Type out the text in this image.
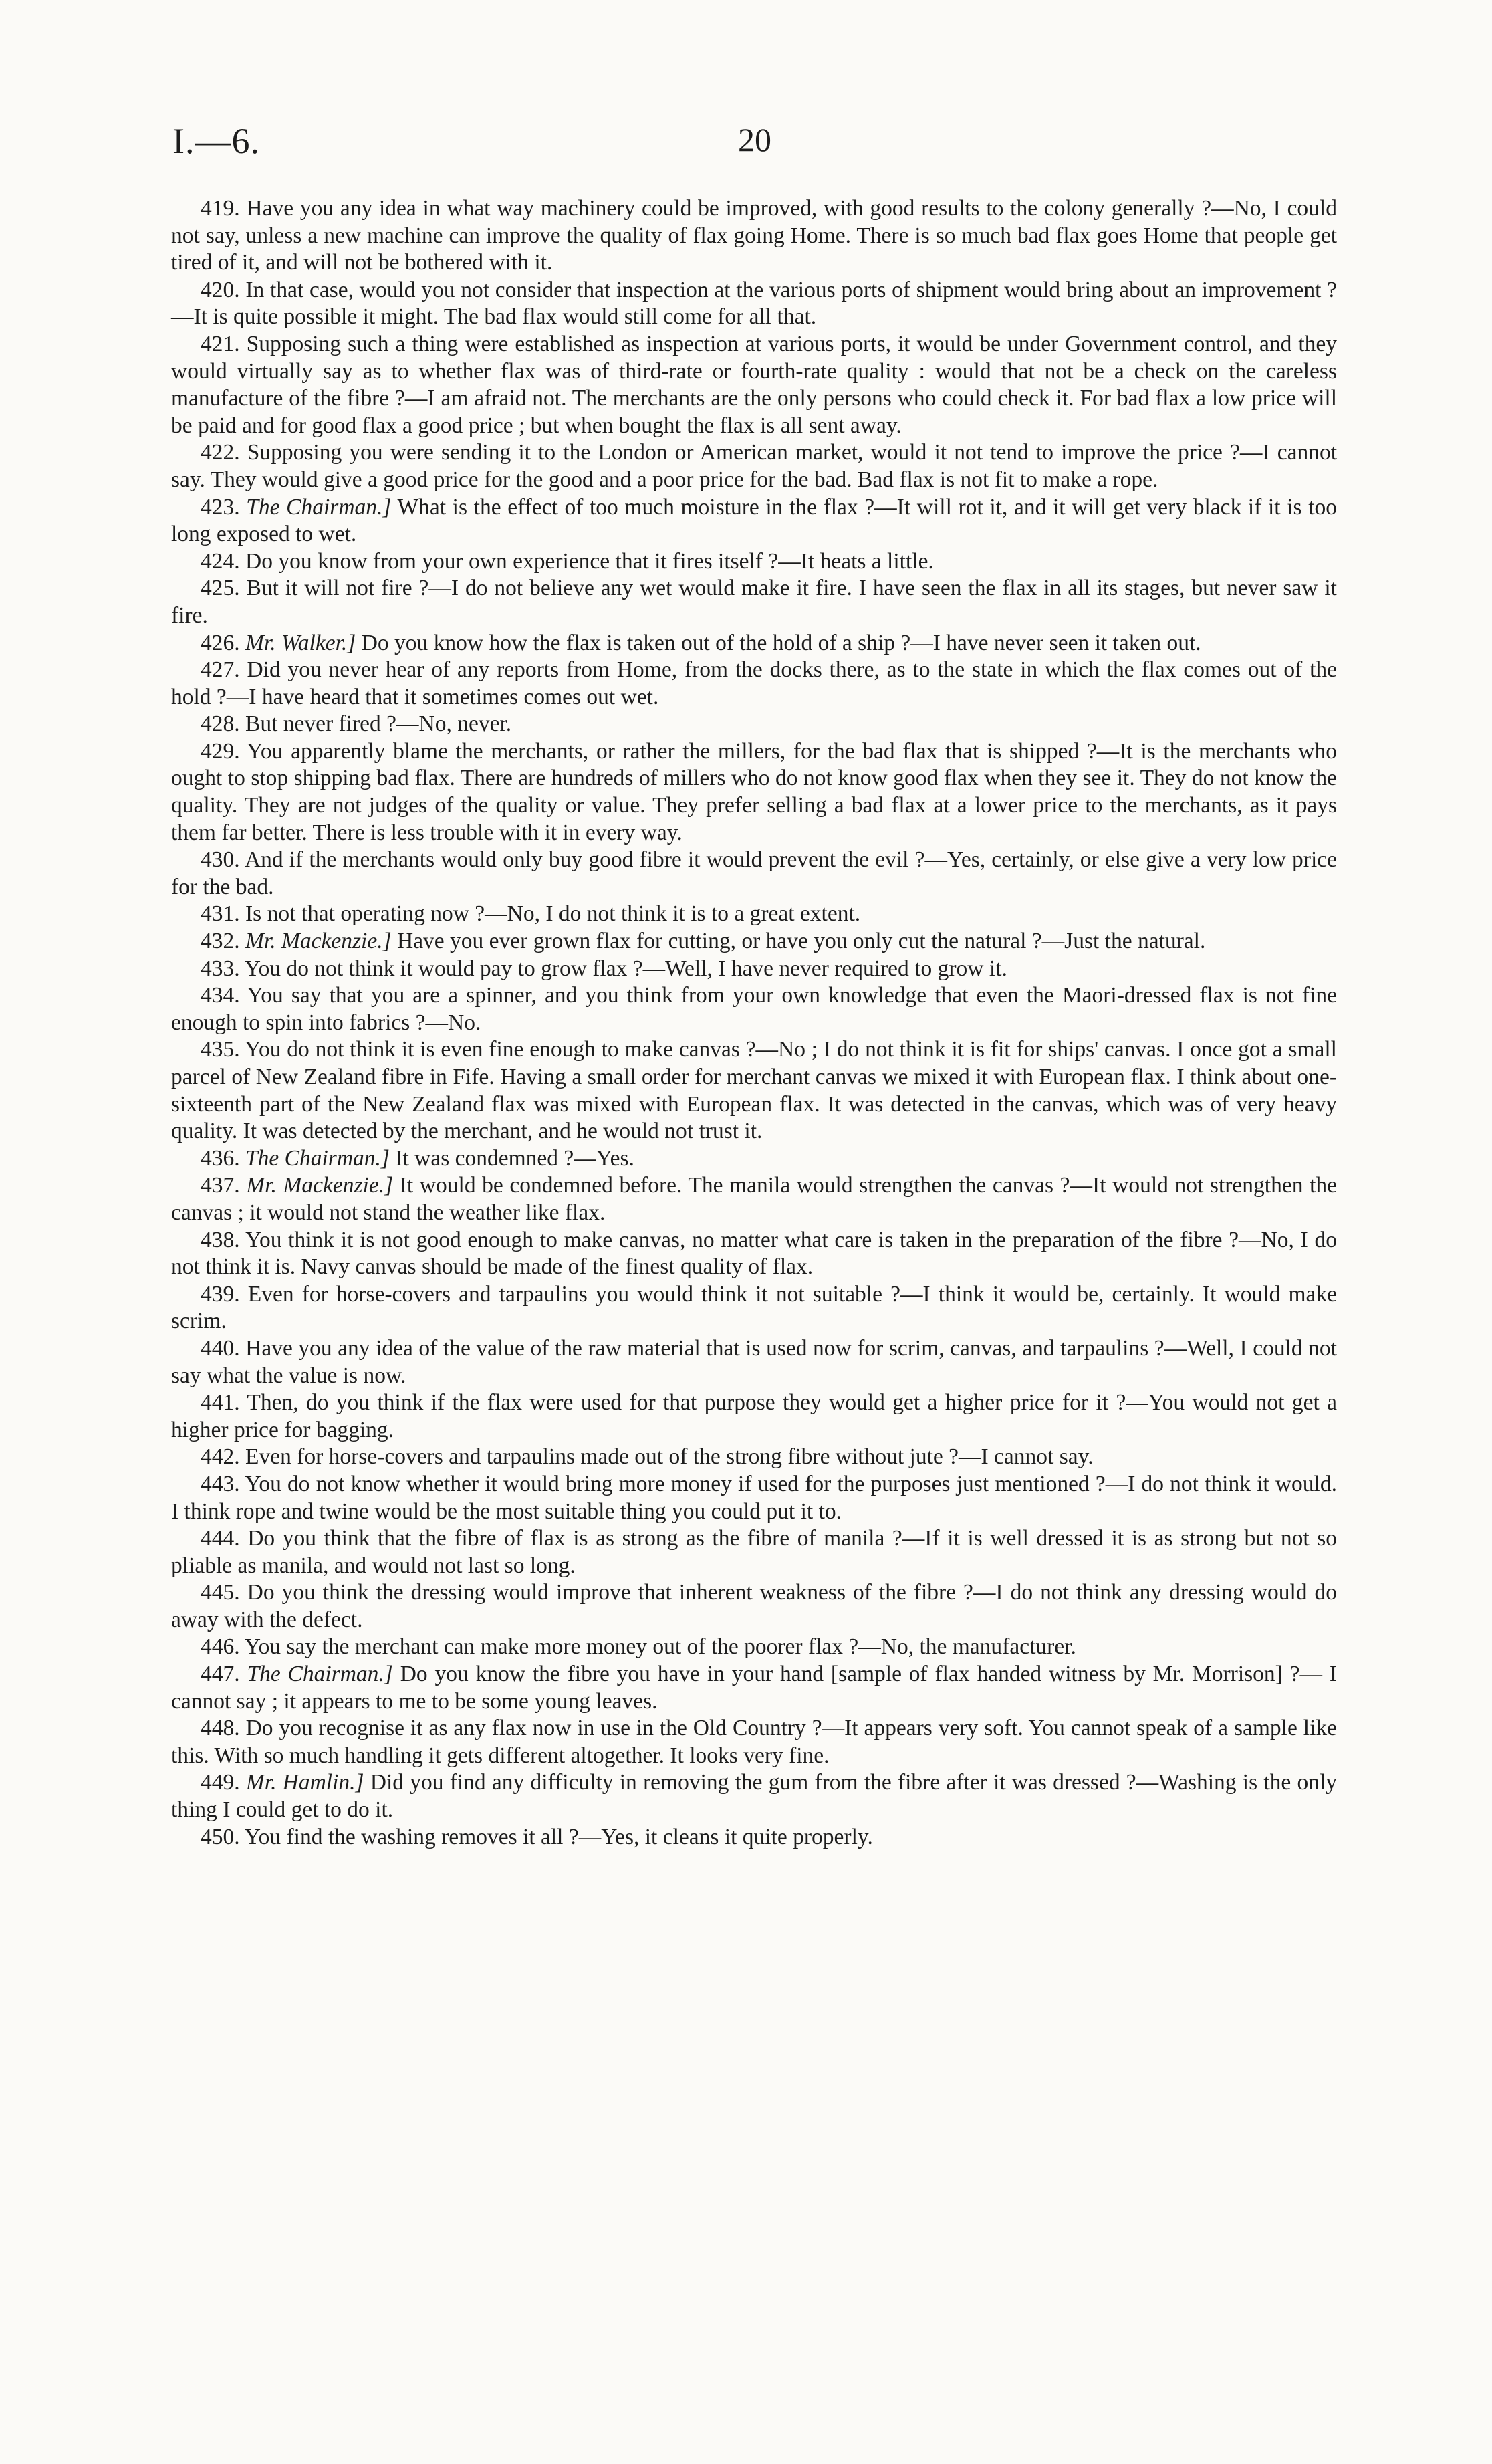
I.—6.	20

419. Have you any idea in what way machinery could be improved, with good results to the colony generally ?—No, I could not say, unless a new machine can improve the quality of flax going Home. There is so much bad flax goes Home that people get tired of it, and will not be bothered with it.

420. In that case, would you not consider that inspection at the various ports of shipment would bring about an improvement ?—It is quite possible it might. The bad flax would still come for all that.

421. Supposing such a thing were established as inspection at various ports, it would be under Government control, and they would virtually say as to whether flax was of third-rate or fourth-rate quality : would that not be a check on the careless manufacture of the fibre ?—I am afraid not. The merchants are the only persons who could check it. For bad flax a low price will be paid and for good flax a good price ; but when bought the flax is all sent away.

422. Supposing you were sending it to the London or American market, would it not tend to improve the price ?—I cannot say. They would give a good price for the good and a poor price for the bad. Bad flax is not fit to make a rope.

423. The Chairman.] What is the effect of too much moisture in the flax ?—It will rot it, and it will get very black if it is too long exposed to wet.

424. Do you know from your own experience that it fires itself ?—It heats a little.

425. But it will not fire ?—I do not believe any wet would make it fire. I have seen the flax in all its stages, but never saw it fire.

426. Mr. Walker.] Do you know how the flax is taken out of the hold of a ship ?—I have never seen it taken out.

427. Did you never hear of any reports from Home, from the docks there, as to the state in which the flax comes out of the hold ?—I have heard that it sometimes comes out wet.

428. But never fired ?—No, never.

429. You apparently blame the merchants, or rather the millers, for the bad flax that is shipped ?—It is the merchants who ought to stop shipping bad flax. There are hundreds of millers who do not know good flax when they see it. They do not know the quality. They are not judges of the quality or value. They prefer selling a bad flax at a lower price to the merchants, as it pays them far better. There is less trouble with it in every way.

430. And if the merchants would only buy good fibre it would prevent the evil ?—Yes, certainly, or else give a very low price for the bad.

431. Is not that operating now ?—No, I do not think it is to a great extent.

432. Mr. Mackenzie.] Have you ever grown flax for cutting, or have you only cut the natural ?—Just the natural.

433. You do not think it would pay to grow flax ?—Well, I have never required to grow it.

434. You say that you are a spinner, and you think from your own knowledge that even the Maori-dressed flax is not fine enough to spin into fabrics ?—No.

435. You do not think it is even fine enough to make canvas ?—No ; I do not think it is fit for ships' canvas. I once got a small parcel of New Zealand fibre in Fife. Having a small order for merchant canvas we mixed it with European flax. I think about one-sixteenth part of the New Zealand flax was mixed with European flax. It was detected in the canvas, which was of very heavy quality. It was detected by the merchant, and he would not trust it.

436. The Chairman.] It was condemned ?—Yes.

437. Mr. Mackenzie.] It would be condemned before. The manila would strengthen the canvas ?—It would not strengthen the canvas ; it would not stand the weather like flax.

438. You think it is not good enough to make canvas, no matter what care is taken in the preparation of the fibre ?—No, I do not think it is. Navy canvas should be made of the finest quality of flax.

439. Even for horse-covers and tarpaulins you would think it not suitable ?—I think it would be, certainly. It would make scrim.

440. Have you any idea of the value of the raw material that is used now for scrim, canvas, and tarpaulins ?—Well, I could not say what the value is now.

441. Then, do you think if the flax were used for that purpose they would get a higher price for it ?—You would not get a higher price for bagging.

442. Even for horse-covers and tarpaulins made out of the strong fibre without jute ?—I cannot say.

443. You do not know whether it would bring more money if used for the purposes just mentioned ?—I do not think it would. I think rope and twine would be the most suitable thing you could put it to.

444. Do you think that the fibre of flax is as strong as the fibre of manila ?—If it is well dressed it is as strong but not so pliable as manila, and would not last so long.

445. Do you think the dressing would improve that inherent weakness of the fibre ?—I do not think any dressing would do away with the defect.

446. You say the merchant can make more money out of the poorer flax ?—No, the manufacturer.

447. The Chairman.] Do you know the fibre you have in your hand [sample of flax handed witness by Mr. Morrison] ?— I cannot say ; it appears to me to be some young leaves.

448. Do you recognise it as any flax now in use in the Old Country ?—It appears very soft. You cannot speak of a sample like this. With so much handling it gets different altogether. It looks very fine.

449. Mr. Hamlin.] Did you find any difficulty in removing the gum from the fibre after it was dressed ?—Washing is the only thing I could get to do it.

450. You find the washing removes it all ?—Yes, it cleans it quite properly.
